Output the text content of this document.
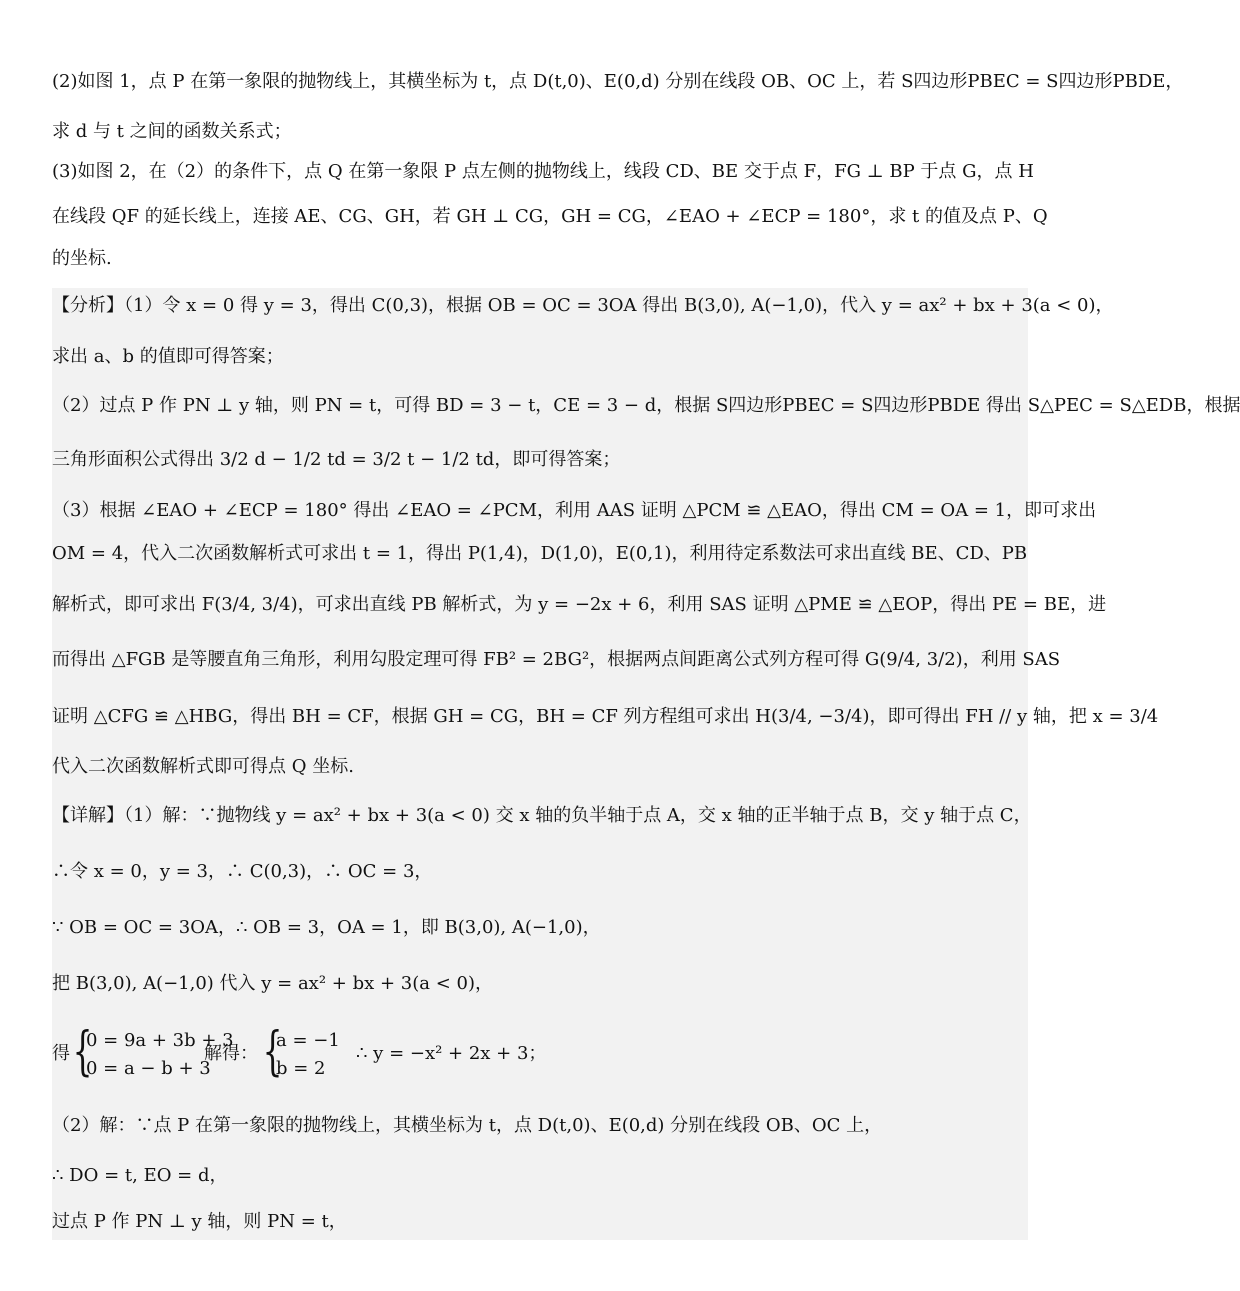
(2)如图 1，点 P 在第一象限的抛物线上，其横坐标为 t，点 D(t,0)、E(0,d) 分别在线段 OB、OC 上，若 S四边形PBEC = S四边形PBDE，
求 d 与 t 之间的函数关系式；
(3)如图 2，在（2）的条件下，点 Q 在第一象限 P 点左侧的抛物线上，线段 CD、BE 交于点 F，FG ⊥ BP 于点 G，点 H
在线段 QF 的延长线上，连接 AE、CG、GH，若 GH ⊥ CG，GH = CG，∠EAO + ∠ECP = 180°，求 t 的值及点 P、Q
的坐标.
【分析】（1）令 x = 0 得 y = 3，得出 C(0,3)，根据 OB = OC = 3OA 得出 B(3,0), A(−1,0)，代入 y = ax² + bx + 3(a < 0)，
求出 a、b 的值即可得答案；
（2）过点 P 作 PN ⊥ y 轴，则 PN = t，可得 BD = 3 − t，CE = 3 − d，根据 S四边形PBEC = S四边形PBDE 得出 S△PEC = S△EDB，根据
三角形面积公式得出 3/2 d − 1/2 td = 3/2 t − 1/2 td，即可得答案；
（3）根据 ∠EAO + ∠ECP = 180° 得出 ∠EAO = ∠PCM，利用 AAS 证明 △PCM ≌ △EAO，得出 CM = OA = 1，即可求出
OM = 4，代入二次函数解析式可求出 t = 1，得出 P(1,4)，D(1,0)，E(0,1)，利用待定系数法可求出直线 BE、CD、PB
解析式，即可求出 F(3/4, 3/4)，可求出直线 PB 解析式，为 y = −2x + 6，利用 SAS 证明 △PME ≌ △EOP，得出 PE = BE，进
而得出 △FGB 是等腰直角三角形，利用勾股定理可得 FB² = 2BG²，根据两点间距离公式列方程可得 G(9/4, 3/2)，利用 SAS
证明 △CFG ≌ △HBG，得出 BH = CF，根据 GH = CG，BH = CF 列方程组可求出 H(3/4, −3/4)，即可得出 FH // y 轴，把 x = 3/4
代入二次函数解析式即可得点 Q 坐标.
【详解】（1）解：∵抛物线 y = ax² + bx + 3(a < 0) 交 x 轴的负半轴于点 A，交 x 轴的正半轴于点 B，交 y 轴于点 C，
∴令 x = 0，y = 3，∴ C(0,3)，∴ OC = 3，
∵ OB = OC = 3OA，∴ OB = 3，OA = 1，即 B(3,0), A(−1,0)，
把 B(3,0), A(−1,0) 代入 y = ax² + bx + 3(a < 0)，
得 {
0 = 9a + 3b + 3
0 = a − b + 3
解得： {
a = −1
b = 2
∴ y = −x² + 2x + 3；
（2）解：∵点 P 在第一象限的抛物线上，其横坐标为 t，点 D(t,0)、E(0,d) 分别在线段 OB、OC 上，
∴ DO = t, EO = d，
过点 P 作 PN ⊥ y 轴，则 PN = t，
